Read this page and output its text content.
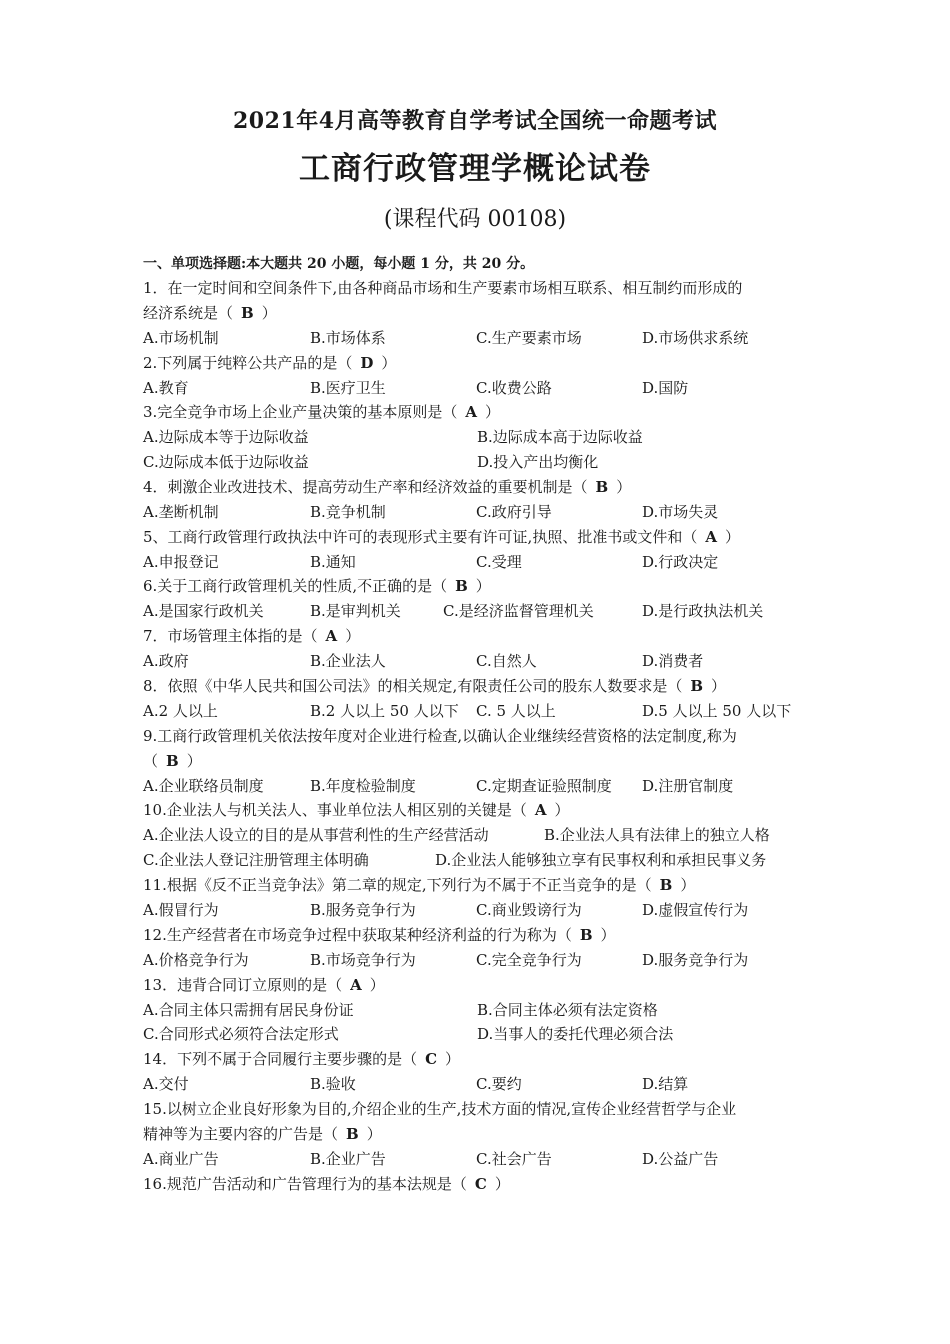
2021年4月高等教育自学考试全国统一命题考试
工商行政管理学概论试卷
(课程代码 00108)
一、单项选择题:本大题共 20 小题，每小题 1 分，共 20 分。
1．在一定时间和空间条件下,由各种商品市场和生产要素市场相互联系、相互制约而形成的
经济系统是（ B ）
A.市场机制	B.市场体系	C.生产要素市场	D.市场供求系统
2.下列属于纯粹公共产品的是（ D ）
A.教育	B.医疗卫生	C.收费公路	D.国防
3.完全竞争市场上企业产量决策的基本原则是（ A ）
A.边际成本等于边际收益	B.边际成本高于边际收益
C.边际成本低于边际收益	D.投入产出均衡化
4．刺激企业改进技术、提高劳动生产率和经济效益的重要机制是（ B ）
A.垄断机制	B.竞争机制	C.政府引导	D.市场失灵
5、工商行政管理行政执法中许可的表现形式主要有许可证,执照、批准书或文件和（ A ）
A.申报登记	B.通知	C.受理	D.行政决定
6.关于工商行政管理机关的性质,不正确的是（ B ）
A.是国家行政机关	B.是审判机关	C.是经济监督管理机关	D.是行政执法机关
7．市场管理主体指的是（ A ）
A.政府	B.企业法人	C.自然人	D.消费者
8．依照《中华人民共和国公司法》的相关规定,有限责任公司的股东人数要求是（ B ）
A.2 人以上	B.2 人以上 50 人以下 C. 5 人以上	D.5 人以上 50 人以下
9.工商行政管理机关依法按年度对企业进行检查,以确认企业继续经营资格的法定制度,称为
（ B ）
A.企业联络员制度	B.年度检验制度	C.定期查证验照制度 D.注册官制度
10.企业法人与机关法人、事业单位法人相区别的关键是（ A ）
A.企业法人设立的目的是从事营利性的生产经营活动	B.企业法人具有法律上的独立人格
C.企业法人登记注册管理主体明确	D.企业法人能够独立享有民事权利和承担民事义务
11.根据《反不正当竞争法》第二章的规定,下列行为不属于不正当竞争的是（ B ）
A.假冒行为	B.服务竞争行为	C.商业毁谤行为	D.虚假宣传行为
12.生产经营者在市场竞争过程中获取某种经济利益的行为称为（ B ）
A.价格竞争行为	B.市场竞争行为	C.完全竞争行为	D.服务竞争行为
13．违背合同订立原则的是（ A ）
A.合同主体只需拥有居民身份证	B.合同主体必须有法定资格
C.合同形式必须符合法定形式	D.当事人的委托代理必须合法
14．下列不属于合同履行主要步骤的是（ C ）
A.交付	B.验收	C.要约	D.结算
15.以树立企业良好形象为目的,介绍企业的生产,技术方面的情况,宣传企业经营哲学与企业
精神等为主要内容的广告是（ B ）
A.商业广告	B.企业广告	C.社会广告	D.公益广告
16.规范广告活动和广告管理行为的基本法规是（ C ）
